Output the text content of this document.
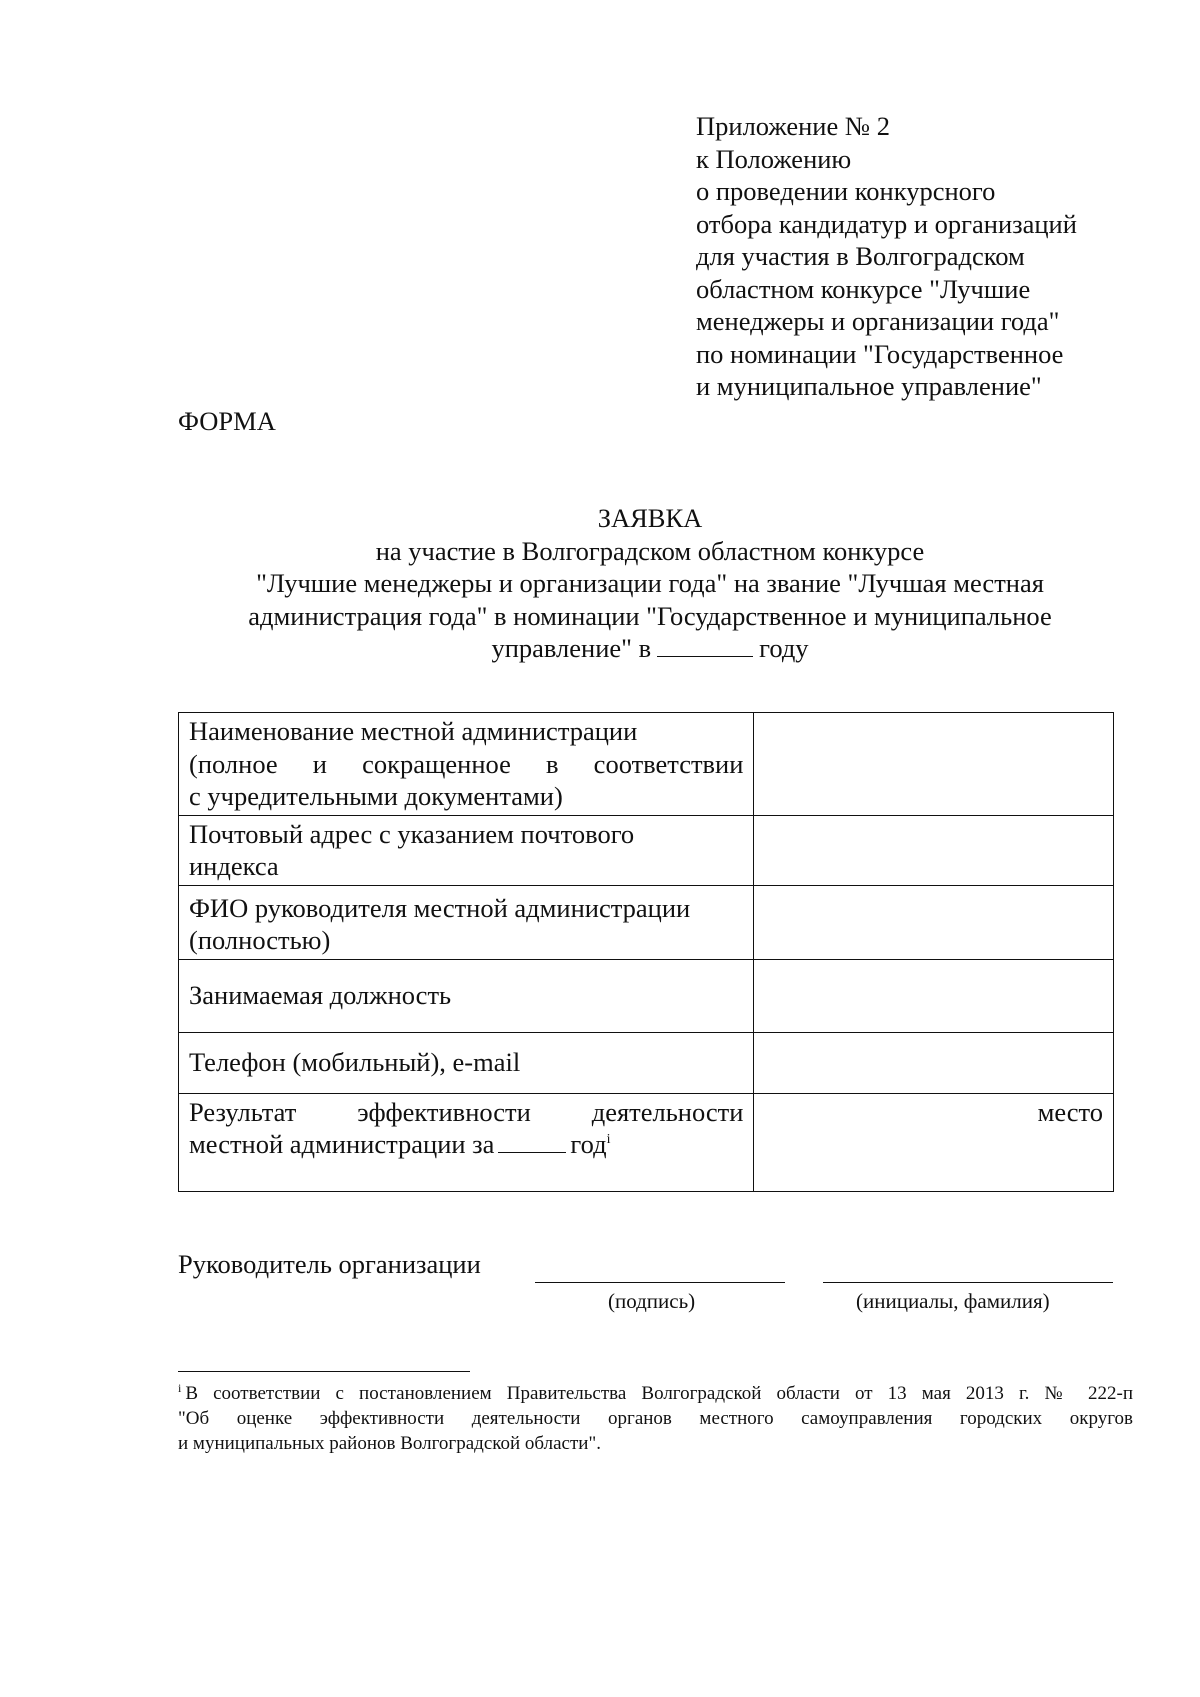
Приложение № 2
к Положению
о проведении конкурсного
отбора кандидатур и организаций
для участия в Волгоградском
областном конкурсе "Лучшие
менеджеры и организации года"
по номинации "Государственное
и муниципальное управление"
ФОРМА
ЗАЯВКА
на участие в Волгоградском областном конкурсе
"Лучшие менеджеры и организации года" на звание "Лучшая местная
администрация года" в номинации "Государственное и муниципальное
управление" в	году
Наименование местной администрации
(полное и сокращенное в соответствии
с учредительными документами)	

Почтовый адрес с указанием почтового
индекса	

ФИО руководителя местной администрации
(полностью)	

Занимаемая должность	

Телефон (мобильный), e-mail	

Результат эффективности деятельности
местной администрации за год$^i$	место
Руководитель организации
(подпись)	(инициалы, фамилия)
$^i$ В соответствии с постановлением Правительства Волгоградской области от 13 мая 2013 г. № 222-п
"Об оценке эффективности деятельности органов местного самоуправления городских округов
и муниципальных районов Волгоградской области".
